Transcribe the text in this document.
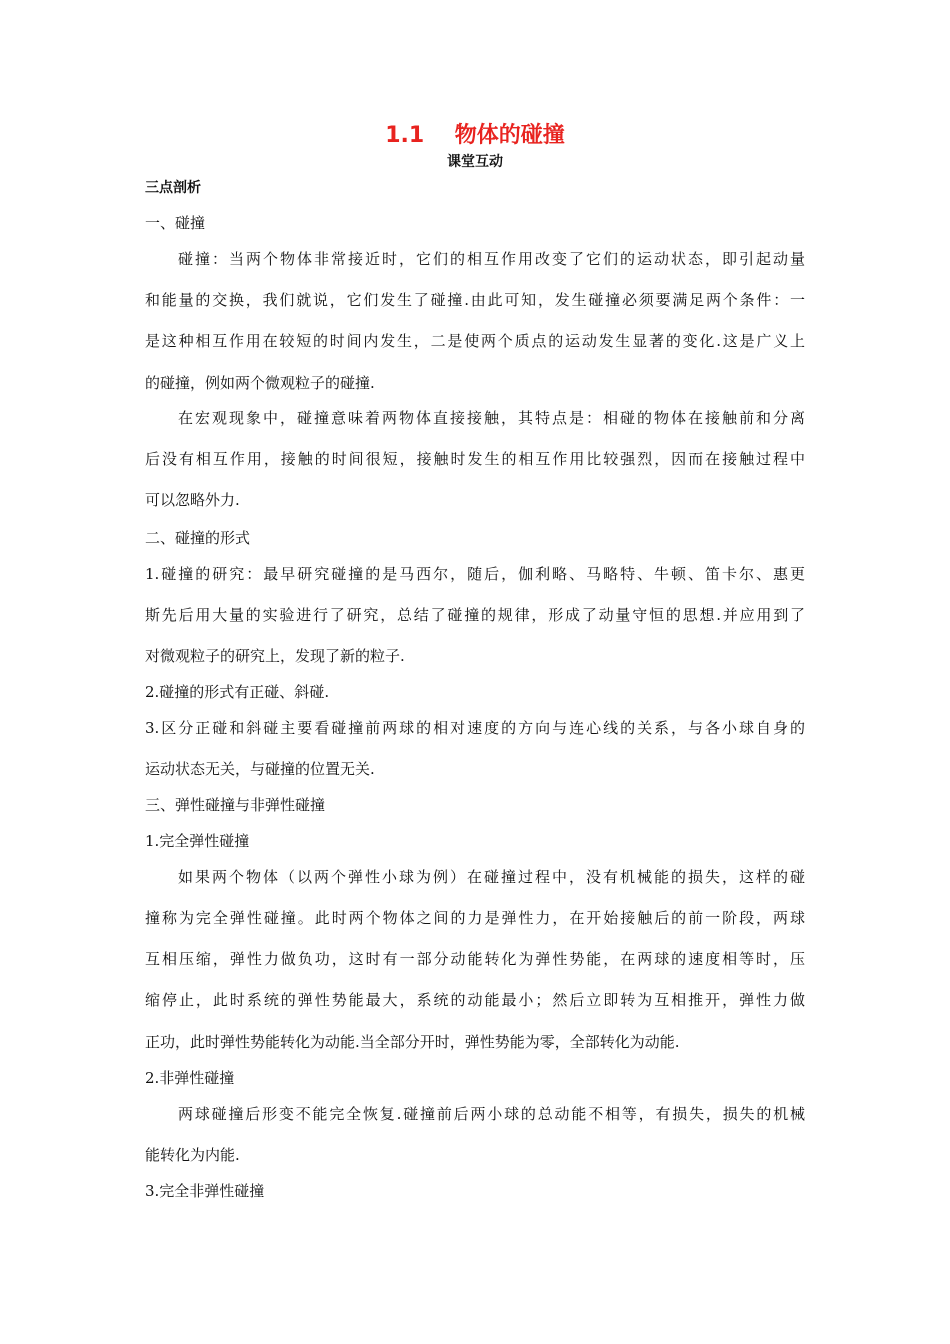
1.1    物体的碰撞
课堂互动
三点剖析
一、碰撞
碰撞：当两个物体非常接近时，它们的相互作用改变了它们的运动状态，即引起动量
和能量的交换，我们就说，它们发生了碰撞.由此可知，发生碰撞必须要满足两个条件：一
是这种相互作用在较短的时间内发生，二是使两个质点的运动发生显著的变化.这是广义上
的碰撞，例如两个微观粒子的碰撞.
在宏观现象中，碰撞意味着两物体直接接触，其特点是：相碰的物体在接触前和分离
后没有相互作用，接触的时间很短，接触时发生的相互作用比较强烈，因而在接触过程中
可以忽略外力.
二、碰撞的形式
1.碰撞的研究：最早研究碰撞的是马西尔，随后，伽利略、马略特、牛顿、笛卡尔、惠更
斯先后用大量的实验进行了研究，总结了碰撞的规律，形成了动量守恒的思想.并应用到了
对微观粒子的研究上，发现了新的粒子.
2.碰撞的形式有正碰、斜碰.
3.区分正碰和斜碰主要看碰撞前两球的相对速度的方向与连心线的关系，与各小球自身的
运动状态无关，与碰撞的位置无关.
三、弹性碰撞与非弹性碰撞
1.完全弹性碰撞
如果两个物体（以两个弹性小球为例）在碰撞过程中，没有机械能的损失，这样的碰
撞称为完全弹性碰撞。此时两个物体之间的力是弹性力，在开始接触后的前一阶段，两球
互相压缩，弹性力做负功，这时有一部分动能转化为弹性势能，在两球的速度相等时，压
缩停止，此时系统的弹性势能最大，系统的动能最小；然后立即转为互相推开，弹性力做
正功，此时弹性势能转化为动能.当全部分开时，弹性势能为零，全部转化为动能.
2.非弹性碰撞
两球碰撞后形变不能完全恢复.碰撞前后两小球的总动能不相等，有损失，损失的机械
能转化为内能.
3.完全非弹性碰撞
